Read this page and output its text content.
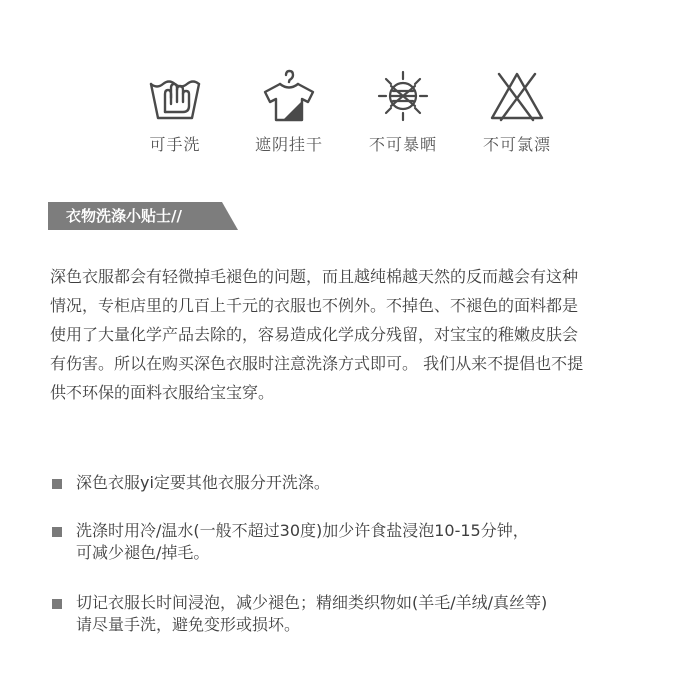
可手洗	遮阴挂干	不可暴晒	不可氯漂
衣物洗涤小贴士//
深色衣服都会有轻微掉毛褪色的问题，而且越纯棉越天然的反而越会有这种
情况，专柜店里的几百上千元的衣服也不例外。不掉色、不褪色的面料都是
使用了大量化学产品去除的，容易造成化学成分残留，对宝宝的稚嫩皮肤会
有伤害。所以在购买深色衣服时注意洗涤方式即可。 我们从来不提倡也不提
供不环保的面料衣服给宝宝穿。
深色衣服yi定要其他衣服分开洗涤。
洗涤时用冷/温水(一般不超过30度)加少许食盐浸泡10-15分钟，
可减少褪色/掉毛。
切记衣服长时间浸泡，减少褪色；精细类织物如(羊毛/羊绒/真丝等)
请尽量手洗，避免变形或损坏。
